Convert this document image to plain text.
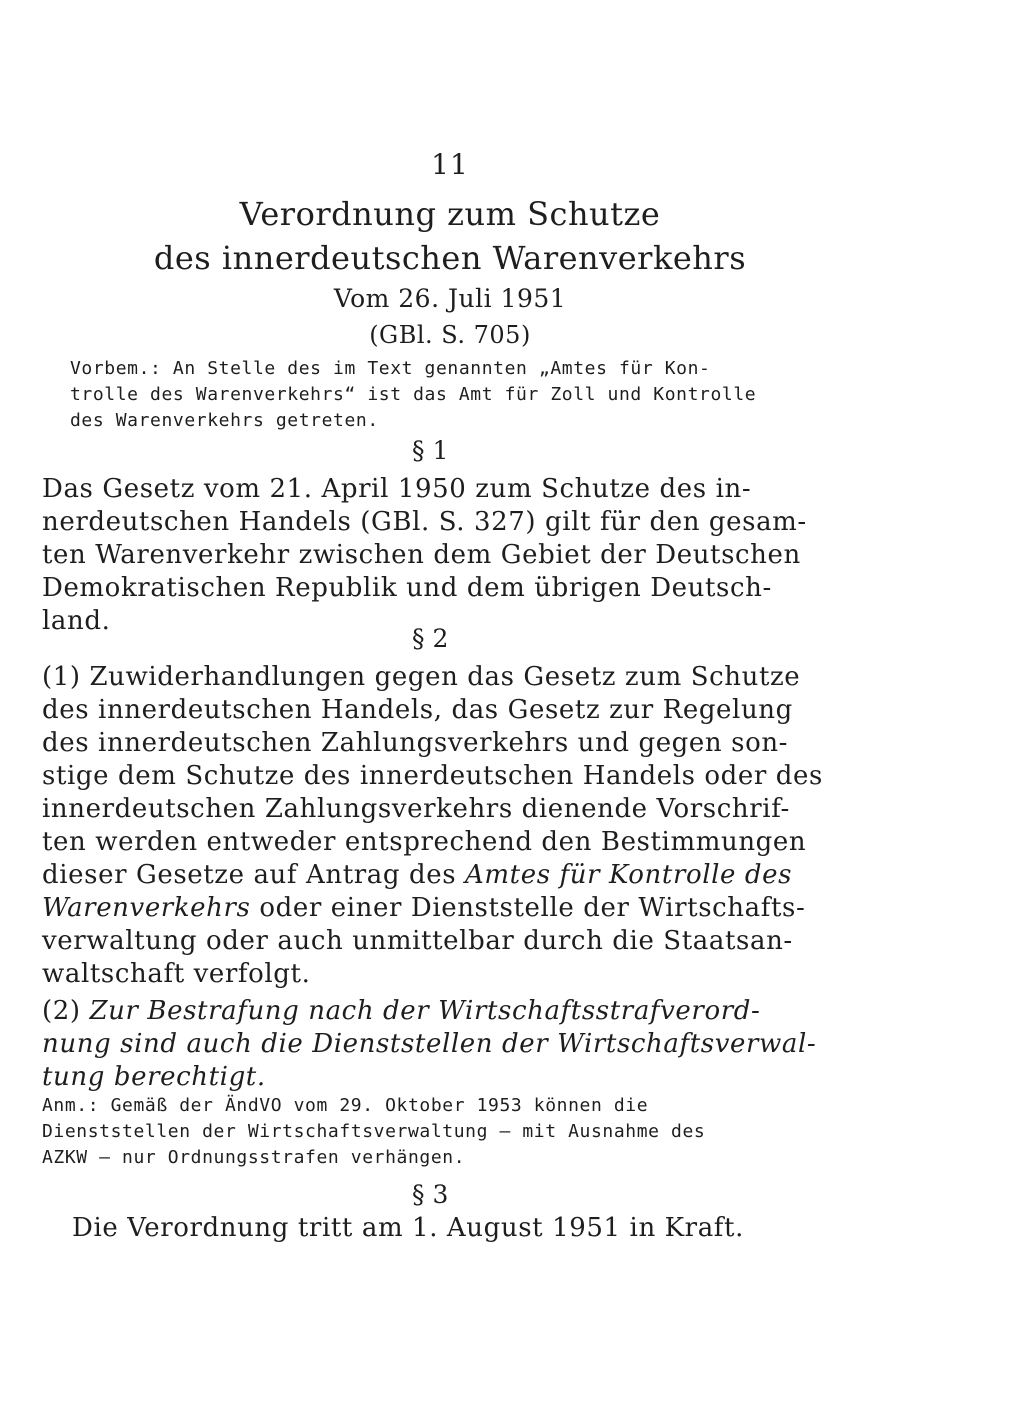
11
Verordnung zum Schutze
des innerdeutschen Warenverkehrs
Vom 26. Juli 1951
(GBl. S. 705)

Vorbem.: An Stelle des im Text genannten „Amtes für Kon-
trolle des Warenverkehrs“ ist das Amt für Zoll und Kontrolle
des Warenverkehrs getreten.

§ 1

Das Gesetz vom 21. April 1950 zum Schutze des in-
nerdeutschen Handels (GBl. S. 327) gilt für den gesam-
ten Warenverkehr zwischen dem Gebiet der Deutschen
Demokratischen Republik und dem übrigen Deutsch-
land.

§ 2

(1) Zuwiderhandlungen gegen das Gesetz zum Schutze
des innerdeutschen Handels, das Gesetz zur Regelung
des innerdeutschen Zahlungsverkehrs und gegen son-
stige dem Schutze des innerdeutschen Handels oder des
innerdeutschen Zahlungsverkehrs dienende Vorschrif-
ten werden entweder entsprechend den Bestimmungen
dieser Gesetze auf Antrag des Amtes für Kontrolle des
Warenverkehrs oder einer Dienststelle der Wirtschafts-
verwaltung oder auch unmittelbar durch die Staatsan-
waltschaft verfolgt.

(2) Zur Bestrafung nach der Wirtschaftsstrafverord-
nung sind auch die Dienststellen der Wirtschaftsverwal-
tung berechtigt.

Anm.: Gemäß der ÄndVO vom 29. Oktober 1953 können die
Dienststellen der Wirtschaftsverwaltung — mit Ausnahme des
AZKW — nur Ordnungsstrafen verhängen.

§ 3

Die Verordnung tritt am 1. August 1951 in Kraft.
